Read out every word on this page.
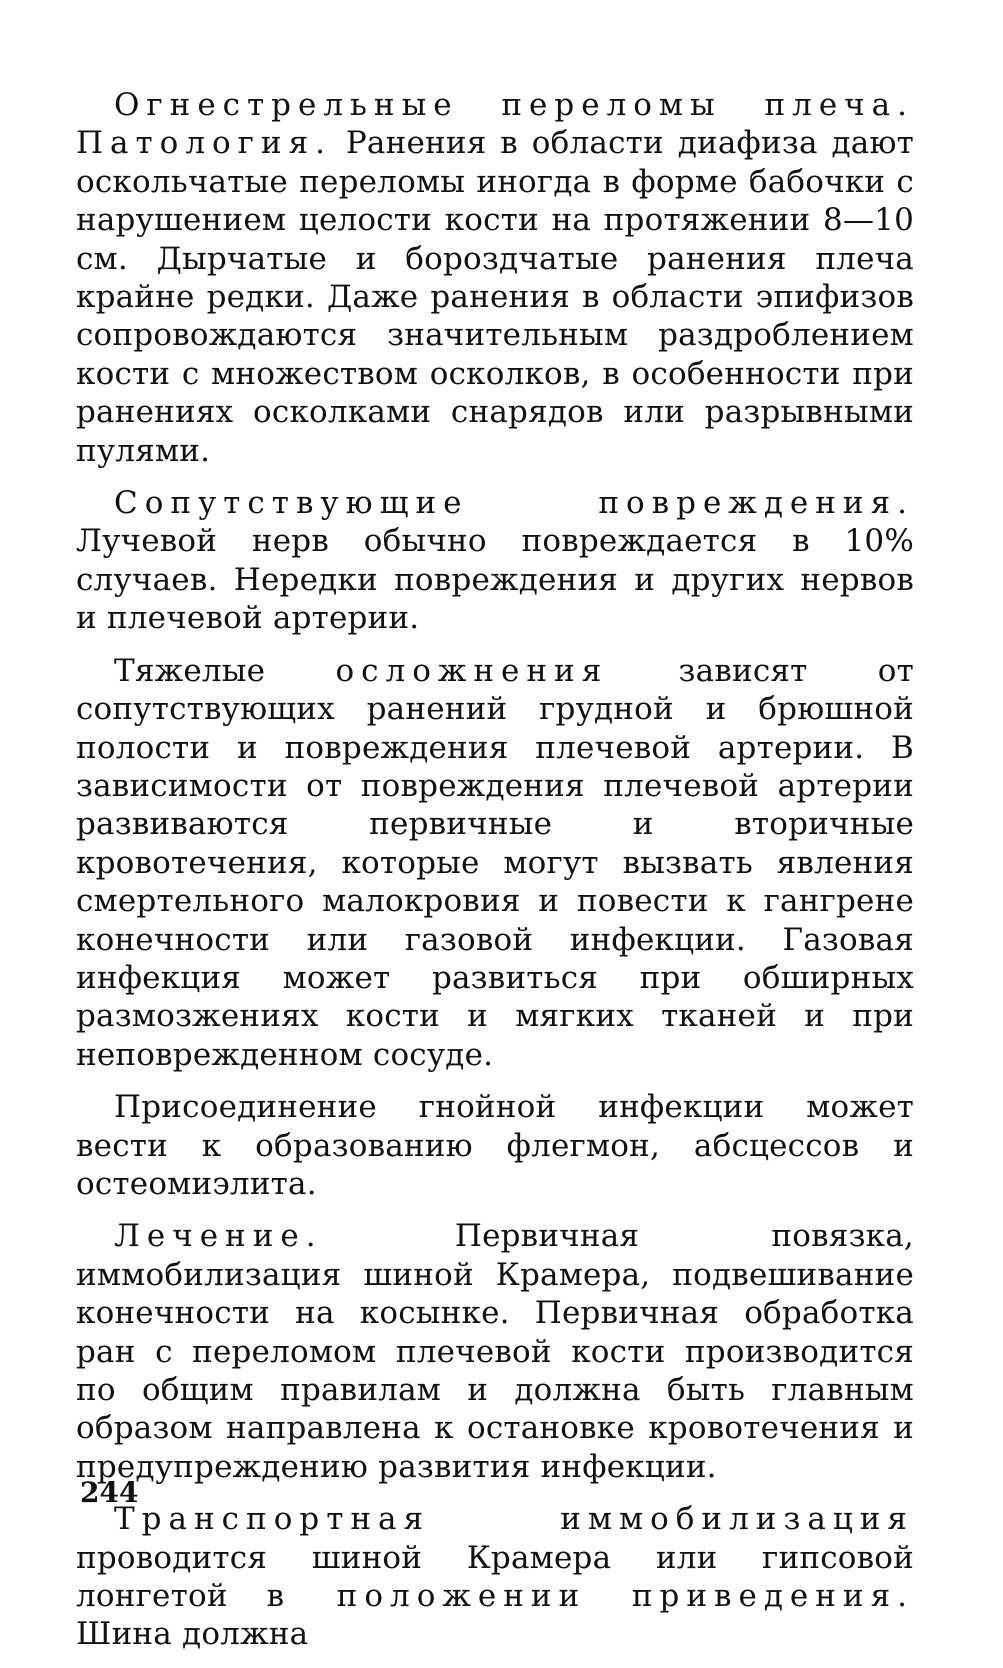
Огнестрельные переломы плеча. Патология. Ранения в области диафиза дают оскольчатые переломы иногда в форме бабочки с нарушением целости кости на протяжении 8—10 см. Дырчатые и бороздчатые ранения плеча крайне редки. Даже ранения в области эпифизов сопровождаются значительным раздроблением кости с множеством осколков, в особенности при ранениях осколками снарядов или разрывными пулями.

Сопутствующие повреждения. Лучевой нерв обычно повреждается в 10% случаев. Нередки повреждения и других нервов и плечевой артерии.

Тяжелые осложнения зависят от сопутствующих ранений грудной и брюшной полости и повреждения плечевой артерии. В зависимости от повреждения плечевой артерии развиваются первичные и вторичные кровотечения, которые могут вызвать явления смертельного малокровия и повести к гангрене конечности или газовой инфекции. Газовая инфекция может развиться при обширных размозжениях кости и мягких тканей и при неповрежденном сосуде.

Присоединение гнойной инфекции может вести к образованию флегмон, абсцессов и остеомиэлита.

Лечение.	Первичная повязка, иммобилизация шиной Крамера, подвешивание конечности на косынке. Первичная обработка ран с переломом плечевой кости производится по общим правилам и должна быть главным образом направлена к остановке кровотечения и предупреждению развития инфекции.

Транспортная иммобилизация проводится шиной Крамера или гипсовой лонгетой в положении приведения. Шина должна

244
